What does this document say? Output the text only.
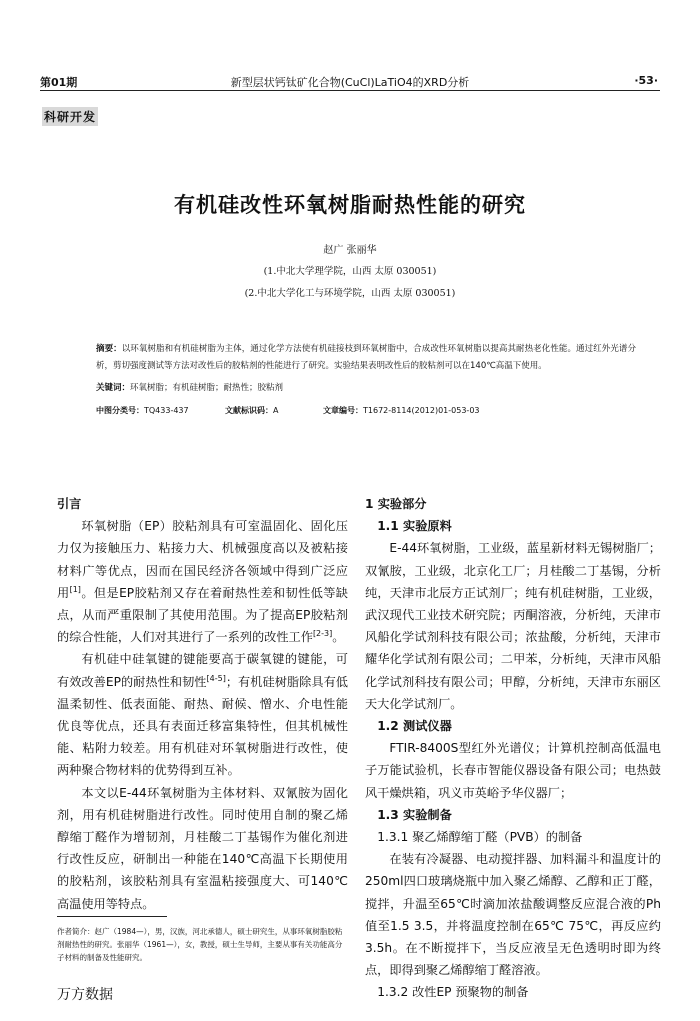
第01期	新型层状钙钛矿化合物(CuCl)LaTiO4的XRD分析	·53·
科研开发
有机硅改性环氧树脂耐热性能的研究
赵广 张丽华
(1.中北大学理学院，山西 太原 030051)
(2.中北大学化工与环境学院，山西 太原 030051)
摘要：以环氧树脂和有机硅树脂为主体，通过化学方法使有机硅接枝到环氧树脂中，合成改性环氧树脂以提高其耐热老化性能。通过红外光谱分析，剪切强度测试等方法对改性后的胶粘剂的性能进行了研究。实验结果表明改性后的胶粘剂可以在140℃高温下使用。
关键词：环氧树脂；有机硅树脂；耐热性；胶粘剂
中图分类号：TQ433-437	文献标识码：A	文章编号：T1672-8114(2012)01-053-03

引言

环氧树脂（EP）胶粘剂具有可室温固化、固化压力仅为接触压力、粘接力大、机械强度高以及被粘接材料广等优点，因而在国民经济各领域中得到广泛应用[1]。但是EP胶粘剂又存在着耐热性差和韧性低等缺点，从而严重限制了其使用范围。为了提高EP胶粘剂的综合性能，人们对其进行了一系列的改性工作[2-3]。

有机硅中硅氧键的键能要高于碳氧键的键能，可有效改善EP的耐热性和韧性[4-5]；有机硅树脂除具有低温柔韧性、低表面能、耐热、耐候、憎水、介电性能优良等优点，还具有表面迁移富集特性，但其机械性能、粘附力较差。用有机硅对环氧树脂进行改性，使两种聚合物材料的优势得到互补。

本文以E-44环氧树脂为主体材料、双氰胺为固化剂，用有机硅树脂进行改性。同时使用自制的聚乙烯醇缩丁醛作为增韧剂，月桂酸二丁基锡作为催化剂进行改性反应，研制出一种能在140℃高温下长期使用的胶粘剂，该胶粘剂具有室温粘接强度大、可140℃高温使用等特点。

作者简介：赵广（1984—），男，汉族，河北承德人，硕士研究生，从事环氧树脂胶粘剂耐热性的研究。张丽华（1961—），女，教授，硕士生导师，主要从事有关功能高分子材料的制备及性能研究。

1 实验部分

1.1 实验原料

E-44环氧树脂，工业级，蓝星新材料无锡树脂厂；双氰胺，工业级，北京化工厂；月桂酸二丁基锡，分析纯，天津市北辰方正试剂厂；纯有机硅树脂，工业级，武汉现代工业技术研究院；丙酮溶液，分析纯，天津市风船化学试剂科技有限公司；浓盐酸，分析纯，天津市耀华化学试剂有限公司；二甲苯，分析纯，天津市风船化学试剂科技有限公司；甲醇，分析纯，天津市东丽区天大化学试剂厂。

1.2 测试仪器

FTIR-8400S型红外光谱仪；计算机控制高低温电子万能试验机，长春市智能仪器设备有限公司；电热鼓风干燥烘箱，巩义市英峪予华仪器厂；

1.3 实验制备

1.3.1 聚乙烯醇缩丁醛（PVB）的制备

在装有冷凝器、电动搅拌器、加料漏斗和温度计的250ml四口玻璃烧瓶中加入聚乙烯醇、乙醇和正丁醛，搅拌，升温至65℃时滴加浓盐酸调整反应混合液的Ph值至1.5 3.5，并将温度控制在65℃ 75℃，再反应约3.5h。在不断搅拌下，当反应液呈无色透明时即为终点，即得到聚乙烯醇缩丁醛溶液。

1.3.2 改性EP 预聚物的制备

万方数据
